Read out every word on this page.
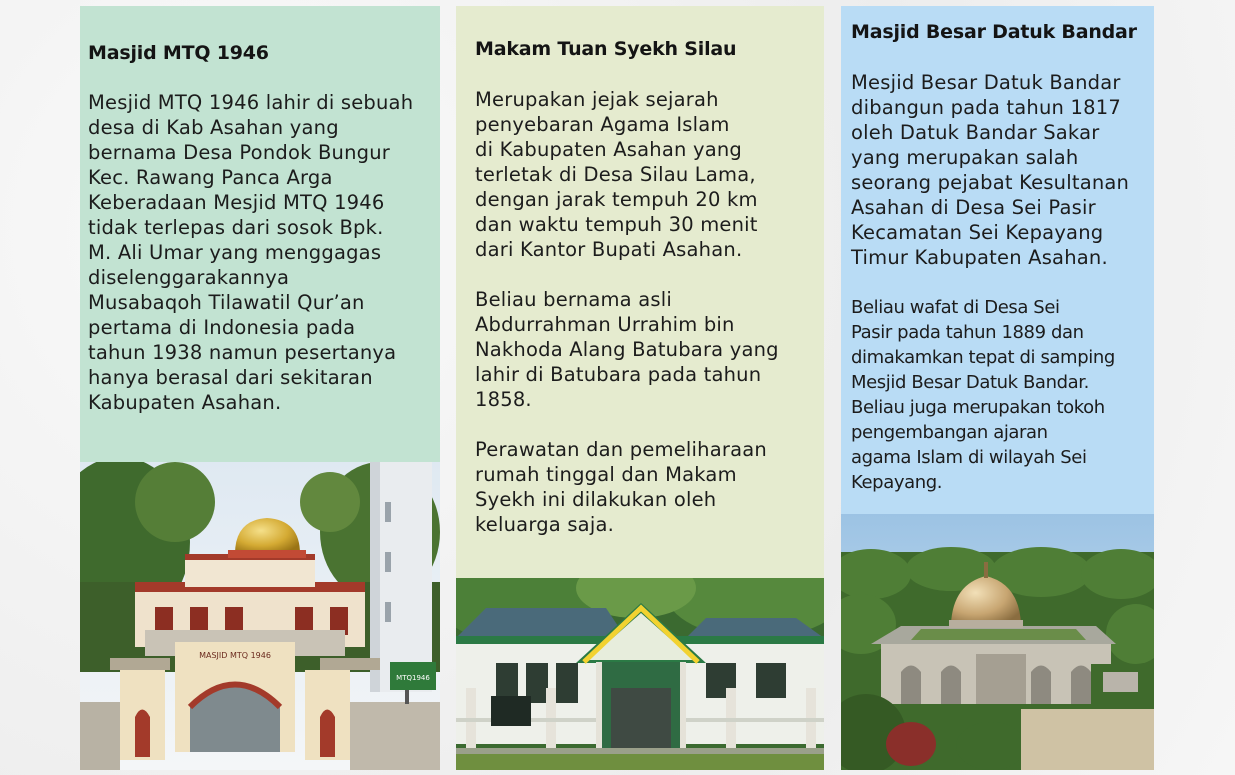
Masjid MTQ 1946

Mesjid MTQ 1946 lahir di sebuah
desa di Kab Asahan yang
bernama Desa Pondok Bungur
Kec. Rawang Panca Arga
Keberadaan Mesjid MTQ 1946
tidak terlepas dari sosok Bpk.
M. Ali Umar yang menggagas
diselenggarakannya
Musabaqoh Tilawatil Qur’an
pertama di Indonesia pada
tahun 1938 namun pesertanya
hanya berasal dari sekitaran
Kabupaten Asahan.

MASJID MTQ 1946
MTQ1946
Makam Tuan Syekh Silau

Merupakan jejak sejarah
penyebaran Agama Islam
di Kabupaten Asahan yang
terletak di Desa Silau Lama,
dengan jarak tempuh 20 km
dan waktu tempuh 30 menit
dari Kantor Bupati Asahan.

Beliau bernama asli
Abdurrahman Urrahim bin
Nakhoda Alang Batubara yang
lahir di Batubara pada tahun
1858.

Perawatan dan pemeliharaan
rumah tinggal dan Makam
Syekh ini dilakukan oleh
keluarga saja.

Masjid Besar Datuk Bandar

Mesjid Besar Datuk Bandar
dibangun pada tahun 1817
oleh Datuk Bandar Sakar
yang merupakan salah
seorang pejabat Kesultanan
Asahan di Desa Sei Pasir
Kecamatan Sei Kepayang
Timur Kabupaten Asahan.

Beliau wafat di Desa Sei
Pasir pada tahun 1889 dan
dimakamkan tepat di samping
Mesjid Besar Datuk Bandar.
Beliau juga merupakan tokoh
pengembangan ajaran
agama Islam di wilayah Sei
Kepayang.
